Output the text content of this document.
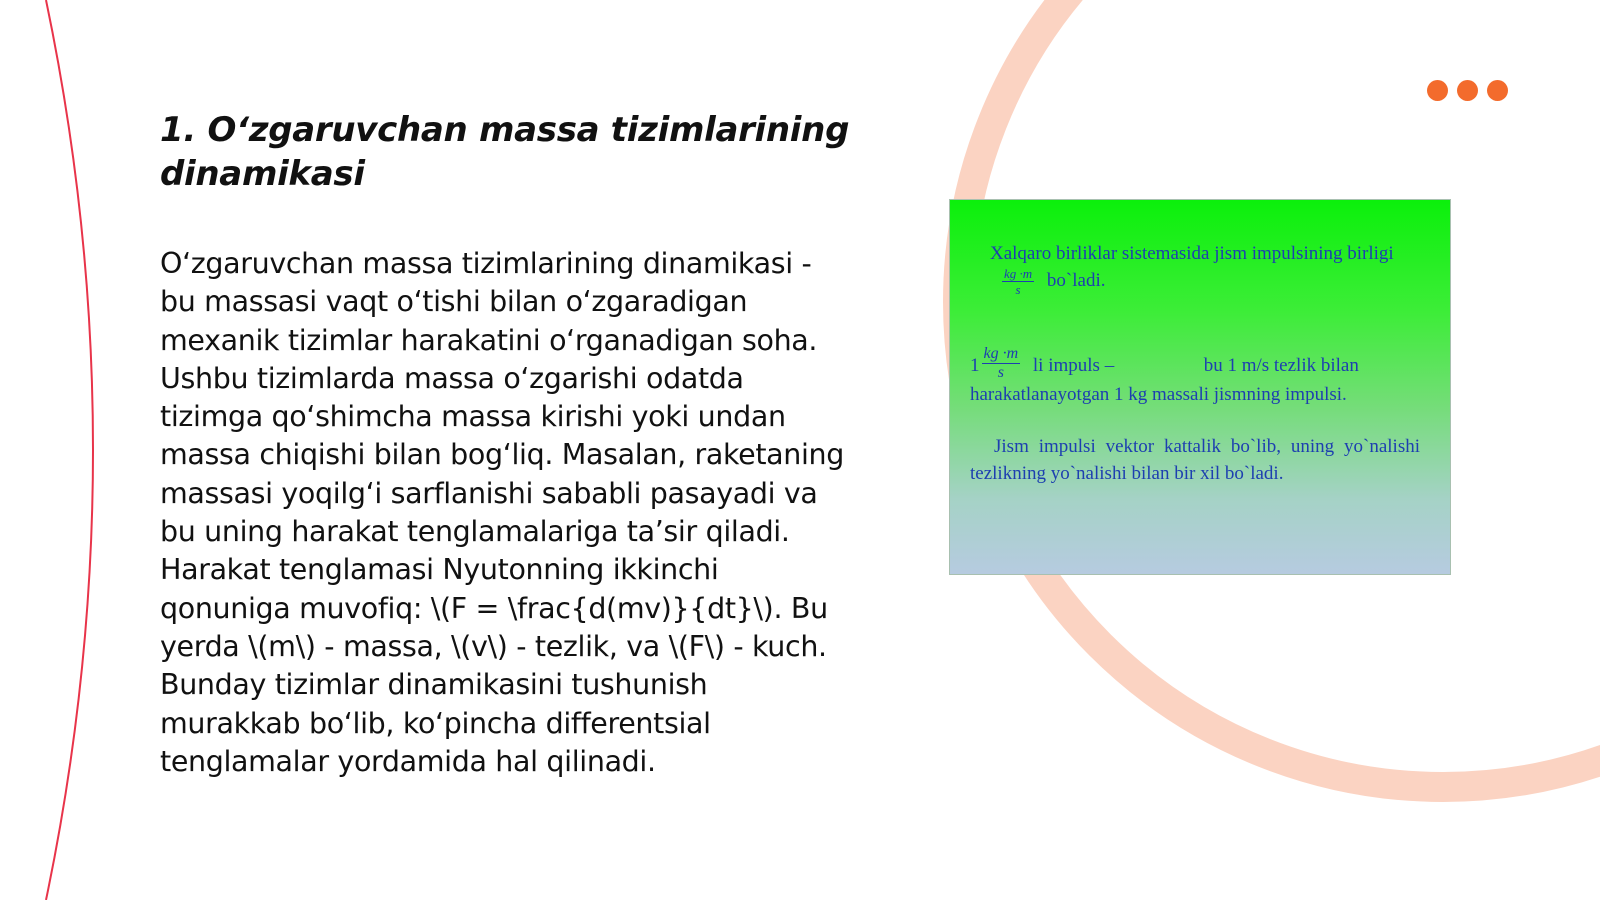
1. O‘zgaruvchan massa tizimlarining dinamikasi

O‘zgaruvchan massa tizimlarining dinamikasi - bu massasi vaqt o‘tishi bilan o‘zgaradigan mexanik tizimlar harakatini o‘rganadigan soha. Ushbu tizimlarda massa o‘zgarishi odatda tizimga qo‘shimcha massa kirishi yoki undan massa chiqishi bilan bog‘liq. Masalan, raketaning massasi yoqilg‘i sarflanishi sababli pasayadi va bu uning harakat tenglamalariga ta’sir qiladi. Harakat tenglamasi Nyutonning ikkinchi qonuniga muvofiq: \(F = \frac{d(mv)}{dt}\). Bu yerda \(m\) - massa, \(v\) - tezlik, va \(F\) - kuch. Bunday tizimlar dinamikasini tushunish murakkab bo‘lib, ko‘pincha differentsial tenglamalar yordamida hal qilinadi.

Xalqaro birliklar sistemasida jism impulsining birligi
$\frac{kg \cdot m}{s}$ bo`ladi.

$1 \frac{kg \cdot m}{s}$ li impuls –	bu 1 m/s tezlik bilan harakatlanayotgan 1 kg massali jismning impulsi.

Jism impulsi vektor kattalik bo`lib, uning yo`nalishi tezlikning yo`nalishi bilan bir xil bo`ladi.
